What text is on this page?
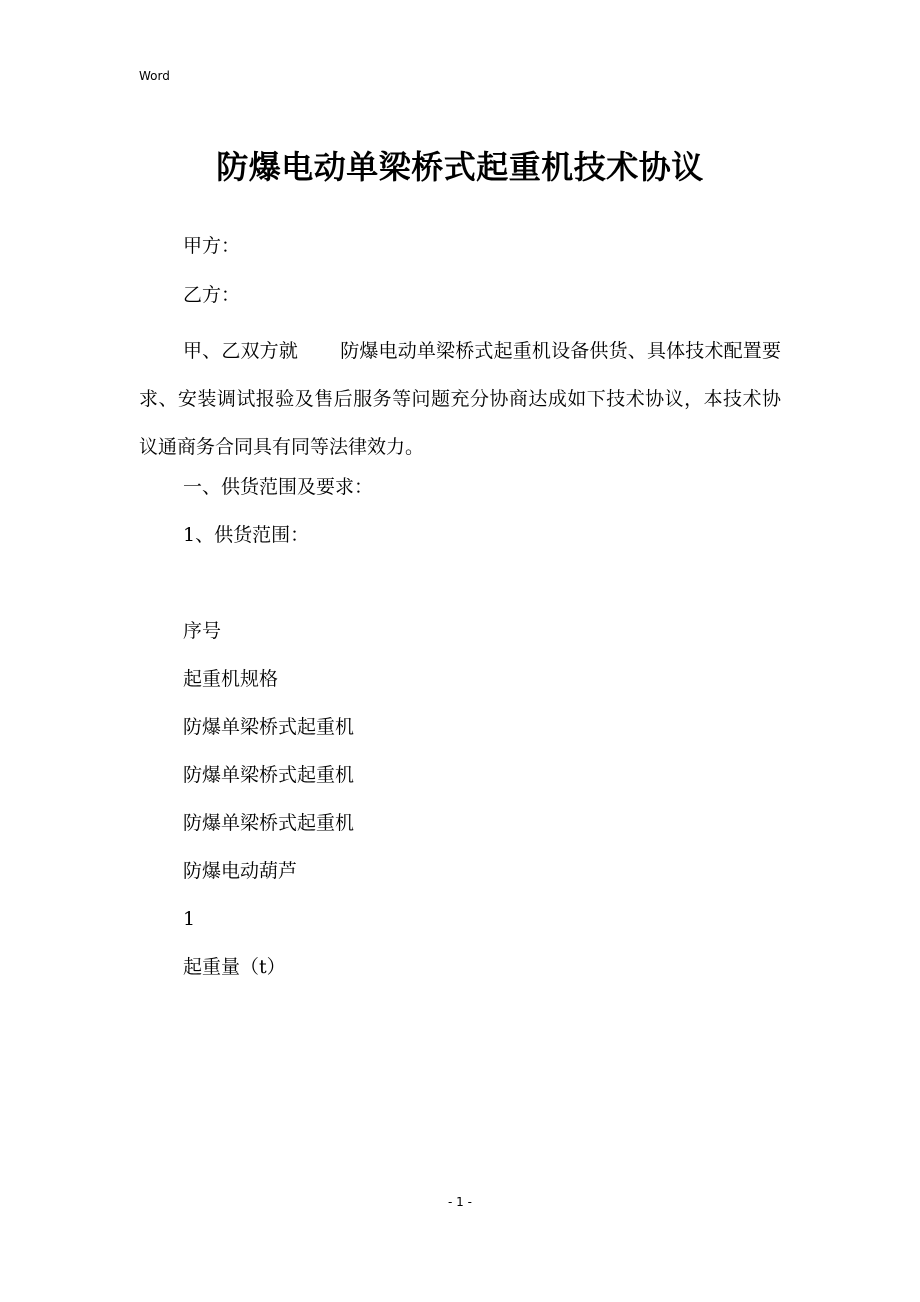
Word
防爆电动单梁桥式起重机技术协议

甲方：

乙方：

甲、乙双方就 防爆电动单梁桥式起重机设备供货、具体技术配置要求、安装调试报验及售后服务等问题充分协商达成如下技术协议，本技术协议通商务合同具有同等法律效力。

一、供货范围及要求：

1、供货范围：

序号

起重机规格

防爆单梁桥式起重机

防爆单梁桥式起重机

防爆单梁桥式起重机

防爆电动葫芦

1

起重量（t）

- 1 -
